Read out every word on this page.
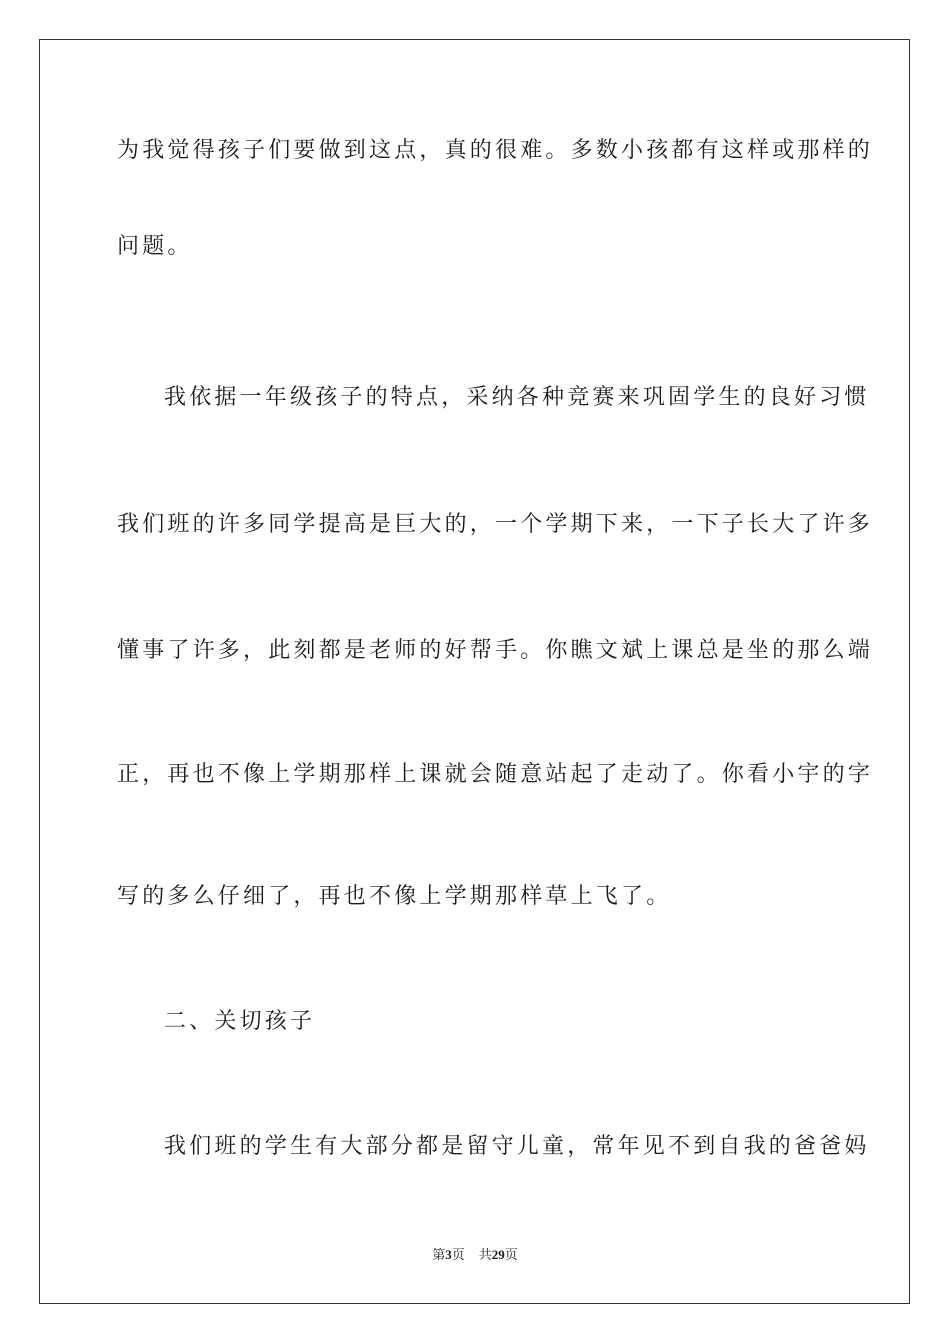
为我觉得孩子们要做到这点，真的很难。多数小孩都有这样或那样的
问题。
我依据一年级孩子的特点，采纳各种竞赛来巩固学生的良好习惯
我们班的许多同学提高是巨大的，一个学期下来，一下子长大了许多
懂事了许多，此刻都是老师的好帮手。你瞧文斌上课总是坐的那么端
正，再也不像上学期那样上课就会随意站起了走动了。你看小宇的字
写的多么仔细了，再也不像上学期那样草上飞了。
二、关切孩子
我们班的学生有大部分都是留守儿童，常年见不到自我的爸爸妈
第3页 共29页
